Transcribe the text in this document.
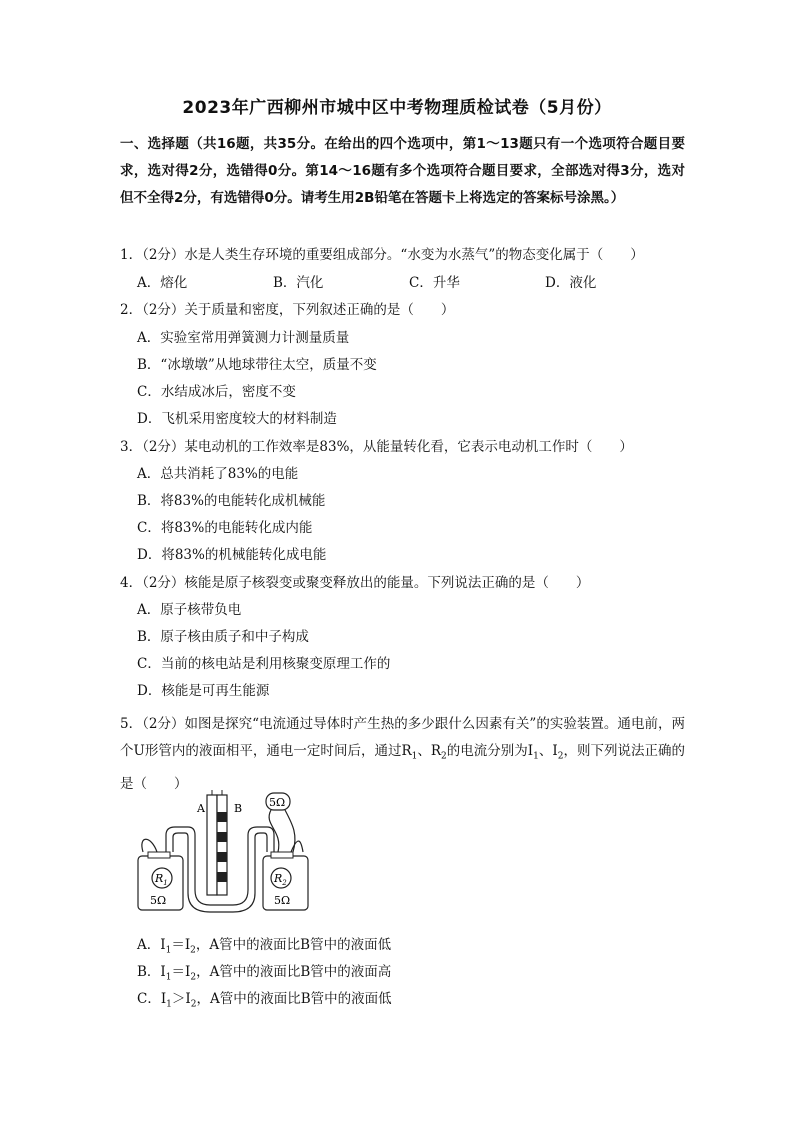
2023年广西柳州市城中区中考物理质检试卷（5月份）
一、选择题（共16题，共35分。在给出的四个选项中，第1～13题只有一个选项符合题目要求，选对得2分，选错得0分。第14～16题有多个选项符合题目要求，全部选对得3分，选对但不全得2分，有选错得0分。请考生用2B铅笔在答题卡上将选定的答案标号涂黑。）
1．（2分）水是人类生存环境的重要组成部分。“水变为水蒸气”的物态变化属于（　　）
A．熔化	B．汽化	C．升华	D．液化
2．（2分）关于质量和密度，下列叙述正确的是（　　）
A．实验室常用弹簧测力计测量质量
B．“冰墩墩”从地球带往太空，质量不变
C．水结成冰后，密度不变
D．飞机采用密度较大的材料制造
3．（2分）某电动机的工作效率是83%，从能量转化看，它表示电动机工作时（　　）
A．总共消耗了83%的电能
B．将83%的电能转化成机械能
C．将83%的电能转化成内能
D．将83%的机械能转化成电能
4．（2分）核能是原子核裂变或聚变释放出的能量。下列说法正确的是（　　）
A．原子核带负电
B．原子核由质子和中子构成
C．当前的核电站是利用核聚变原理工作的
D．核能是可再生能源
5．（2分）如图是探究“电流通过导体时产生热的多少跟什么因素有关”的实验装置。通电前，两个U形管内的液面相平，通电一定时间后，通过$R_1$、$R_2$的电流分别为$I_1$、$I_2$，则下列说法正确的是（　　）
A	B 5Ω
$R_1$	$R_2$
5Ω	5Ω
A．$I_1=I_2$，A管中的液面比B管中的液面低
B．$I_1=I_2$，A管中的液面比B管中的液面高
C．$I_1>I_2$，A管中的液面比B管中的液面低
